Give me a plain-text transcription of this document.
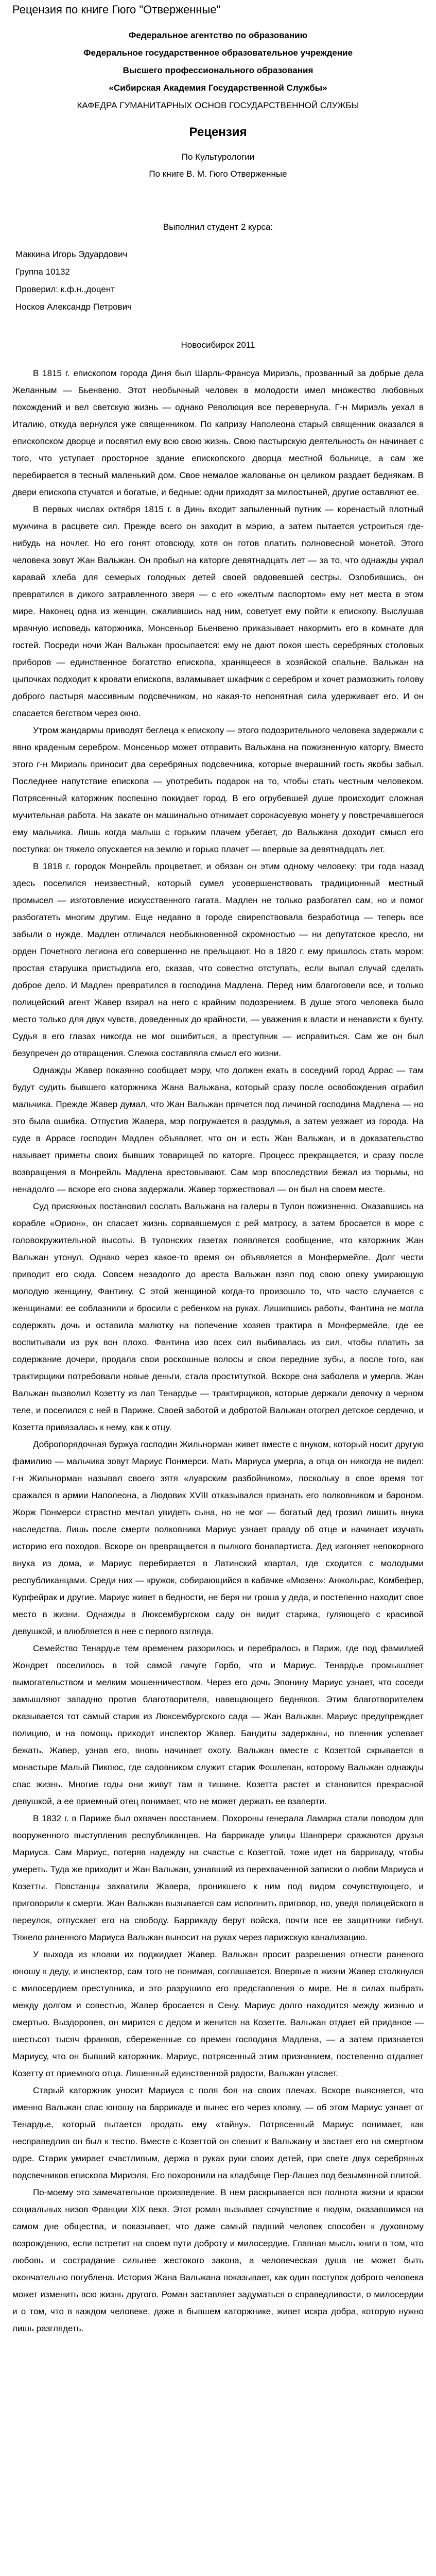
Рецензия по книге Гюго "Отверженные"

Федеральное агентство по образованию

Федеральное государственное образовательное учреждение

Высшего профессионального образования

«Сибирская Академия Государственной Службы»

КАФЕДРА ГУМАНИТАРНЫХ ОСНОВ ГОСУДАРСТВЕННОЙ СЛУЖБЫ

Рецензия

По Культурологии

По книге В. М. Гюго Отверженные

Выполнил студент 2 курса:

Маккина Игорь Эдуардович

Группа 10132

Проверил: к.ф.н.,доцент

Носков Александр Петрович

Новосибирск 2011

В 1815 г. епископом города Диня был Шарль-Франсуа Мириэль, прозванный за добрые дела Желанным — Бьенвеню. Этот необычный человек в молодости имел множество любовных похождений и вел светскую жизнь — однако Революция все перевернула. Г-н Мириэль уехал в Италию, откуда вернулся уже священником. По капризу Наполеона старый священник оказался в епископском дворце и посвятил ему всю свою жизнь. Свою пастырскую деятельность он начинает с того, что уступает просторное здание епископского дворца местной больнице, а сам же перебирается в тесный маленький дом. Свое немалое жалованье он целиком раздает беднякам. В двери епископа стучатся и богатые, и бедные: одни приходят за милостыней, другие оставляют ее.

В первых числах октября 1815 г. в Динь входит запыленный путник — коренастый плотный мужчина в расцвете сил. Прежде всего он заходит в мэрию, а затем пытается устроиться где-нибудь на ночлег. Но его гонят отовсюду, хотя он готов платить полновесной монетой. Этого человека зовут Жан Вальжан. Он пробыл на каторге девятнадцать лет — за то, что однажды украл каравай хлеба для семерых голодных детей своей овдовевшей сестры. Озлобившись, он превратился в дикого затравленного зверя — с его «желтым паспортом» ему нет места в этом мире. Наконец одна из женщин, сжалившись над ним, советует ему пойти к епископу. Выслушав мрачную исповедь каторжника, Монсеньор Бьенвеню приказывает накормить его в комнате для гостей. Посреди ночи Жан Вальжан просыпается: ему не дают покоя шесть серебряных столовых приборов — единственное богатство епископа, хранящееся в хозяйской спальне. Вальжан на цыпочках подходит к кровати епископа, взламывает шкафчик с серебром и хочет размозжить голову доброго пастыря массивным подсвечником, но какая-то непонятная сила удерживает его. И он спасается бегством через окно.

Утром жандармы приводят беглеца к епископу — этого подозрительного человека задержали с явно краденым серебром. Монсеньор может отправить Вальжана на пожизненную каторгу. Вместо этого г-н Мириэль приносит два серебряных подсвечника, которые вчерашний гость якобы забыл. Последнее напутствие епископа — употребить подарок на то, чтобы стать честным человеком. Потрясенный каторжник поспешно покидает город. В его огрубевшей душе происходит сложная мучительная работа. На закате он машинально отнимает сорокасуевую монету у повстречавшегося ему мальчика. Лишь когда малыш с горьким плачем убегает, до Вальжана доходит смысл его поступка: он тяжело опускается на землю и горько плачет — впервые за девятнадцать лет.

В 1818 г. городок Монрейль процветает, и обязан он этим одному человеку: три года назад здесь поселился неизвестный, который сумел усовершенствовать традиционный местный промысел — изготовление искусственного гагата. Мадлен не только разбогател сам, но и помог разбогатеть многим другим. Еще недавно в городе свирепствовала безработица — теперь все забыли о нужде. Мадлен отличался необыкновенной скромностью — ни депутатское кресло, ни орден Почетного легиона его совершенно не прельщают. Но в 1820 г. ему пришлось стать мэром: простая старушка пристыдила его, сказав, что совестно отступать, если выпал случай сделать доброе дело. И Мадлен превратился в господина Мадлена. Перед ним благоговели все, и только полицейский агент Жавер взирал на него с крайним подозрением. В душе этого человека было место только для двух чувств, доведенных до крайности, — уважения к власти и ненависти к бунту. Судья в его глазах никогда не мог ошибиться, а преступник — исправиться. Сам же он был безупречен до отвращения. Слежка составляла смысл его жизни.

Однажды Жавер покаянно сообщает мэру, что должен ехать в соседний город Аррас — там будут судить бывшего каторжника Жана Вальжана, который сразу после освобождения ограбил мальчика. Прежде Жавер думал, что Жан Вальжан прячется под личиной господина Мадлена — но это была ошибка. Отпустив Жавера, мэр погружается в раздумья, а затем уезжает из города. На суде в Аррасе господин Мадлен объявляет, что он и есть Жан Вальжан, и в доказательство называет приметы своих бывших товарищей по каторге. Процесс прекращается, и сразу после возвращения в Монрейль Мадлена арестовывают. Сам мэр впоследствии бежал из тюрьмы, но ненадолго — вскоре его снова задержали. Жавер торжествовал — он был на своем месте.

Суд присяжных постановил сослать Вальжана на галеры в Тулон пожизненно. Оказавшись на корабле «Орион», он спасает жизнь сорвавшемуся с рей матросу, а затем бросается в море с головокружительной высоты. В тулонских газетах появляется сообщение, что каторжник Жан Вальжан утонул. Однако через какое-то время он объявляется в Монфермейле. Долг чести приводит его сюда. Совсем незадолго до ареста Вальжан взял под свою опеку умирающую молодую женщину, Фантину. С этой женщиной когда-то произошло то, что часто случается с женщинами: ее соблазнили и бросили с ребенком на руках. Лишившись работы, Фантина не могла содержать дочь и оставила малютку на попечение хозяев трактира в Монфермейле, где ее воспитывали из рук вон плохо. Фантина изо всех сил выбивалась из сил, чтобы платить за содержание дочери, продала свои роскошные волосы и свои передние зубы, а после того, как трактирщики потребовали новые деньги, стала проституткой. Вскоре она заболела и умерла. Жан Вальжан вызволил Козетту из лап Тенардье — трактирщиков, которые держали девочку в черном теле, и поселился с ней в Париже. Своей заботой и добротой Вальжан отогрел детское сердечко, и Козетта привязалась к нему, как к отцу.

Добропорядочная буржуа господин Жильнорман живет вместе с внуком, который носит другую фамилию — мальчика зовут Мариус Понмерси. Мать Мариуса умерла, а отца он никогда не видел: г-н Жильнорман называл своего зятя «луарским разбойником», поскольку в свое время тот сражался в армии Наполеона, а Людовик XVIII отказывался признать его полковником и бароном. Жорж Понмерси страстно мечтал увидеть сына, но не мог — богатый дед грозил лишить внука наследства. Лишь после смерти полковника Мариус узнает правду об отце и начинает изучать историю его походов. Вскоре он превращается в пылкого бонапартиста. Дед изгоняет непокорного внука из дома, и Мариус перебирается в Латинский квартал, где сходится с молодыми республиканцами. Среди них — кружок, собирающийся в кабачке «Мюзен»: Анжольрас, Комбефер, Курфейрак и другие. Мариус живет в бедности, не беря ни гроша у деда, и постепенно находит свое место в жизни. Однажды в Люксембургском саду он видит старика, гуляющего с красивой девушкой, и влюбляется в нее с первого взгляда.

Семейство Тенардье тем временем разорилось и перебралось в Париж, где под фамилией Жондрет поселилось в той самой лачуге Горбо, что и Мариус. Тенардье промышляет вымогательством и мелким мошенничеством. Через его дочь Эпонину Мариус узнает, что соседи замышляют западню против благотворителя, навещающего бедняков. Этим благотворителем оказывается тот самый старик из Люксембургского сада — Жан Вальжан. Мариус предупреждает полицию, и на помощь приходит инспектор Жавер. Бандиты задержаны, но пленник успевает бежать. Жавер, узнав его, вновь начинает охоту. Вальжан вместе с Козеттой скрывается в монастыре Малый Пикпюс, где садовником служит старик Фошлеван, которому Вальжан однажды спас жизнь. Многие годы они живут там в тишине. Козетта растет и становится прекрасной девушкой, а ее приемный отец понимает, что не может держать ее взаперти.

В 1832 г. в Париже был охвачен восстанием. Похороны генерала Ламарка стали поводом для вооруженного выступления республиканцев. На баррикаде улицы Шанврери сражаются друзья Мариуса. Сам Мариус, потеряв надежду на счастье с Козеттой, тоже идет на баррикаду, чтобы умереть. Туда же приходит и Жан Вальжан, узнавший из перехваченной записки о любви Мариуса и Козетты. Повстанцы захватили Жавера, проникшего к ним под видом сочувствующего, и приговорили к смерти. Жан Вальжан вызывается сам исполнить приговор, но, уведя полицейского в переулок, отпускает его на свободу. Баррикаду берут войска, почти все ее защитники гибнут. Тяжело раненного Мариуса Вальжан выносит на руках через парижскую канализацию.

У выхода из клоаки их поджидает Жавер. Вальжан просит разрешения отнести раненого юношу к деду, и инспектор, сам того не понимая, соглашается. Впервые в жизни Жавер столкнулся с милосердием преступника, и это разрушило его представления о мире. Не в силах выбрать между долгом и совестью, Жавер бросается в Сену. Мариус долго находится между жизнью и смертью. Выздоровев, он мирится с дедом и женится на Козетте. Вальжан отдает ей приданое — шестьсот тысяч франков, сбереженные со времен господина Мадлена, — а затем признается Мариусу, что он бывший каторжник. Мариус, потрясенный этим признанием, постепенно отдаляет Козетту от приемного отца. Лишенный единственной радости, Вальжан угасает.

Старый каторжник уносит Мариуса с поля боя на своих плечах. Вскоре выясняется, что именно Вальжан спас юношу на баррикаде и вынес его через клоаку, — об этом Мариус узнает от Тенардье, который пытается продать ему «тайну». Потрясенный Мариус понимает, как несправедлив он был к тестю. Вместе с Козеттой он спешит к Вальжану и застает его на смертном одре. Старик умирает счастливым, держа в руках руки своих детей, при свете двух серебряных подсвечников епископа Мириэля. Его похоронили на кладбище Пер-Лашез под безымянной плитой.

По-моему это замечательное произведение. В нем раскрывается вся полнота жизни и краски социальных низов Франции XIX века. Этот роман вызывает сочувствие к людям, оказавшимся на самом дне общества, и показывает, что даже самый падший человек способен к духовному возрождению, если встретит на своем пути доброту и милосердие. Главная мысль книги в том, что любовь и сострадание сильнее жестокого закона, а человеческая душа не может быть окончательно погублена. История Жана Вальжана показывает, как один поступок доброго человека может изменить всю жизнь другого. Роман заставляет задуматься о справедливости, о милосердии и о том, что в каждом человеке, даже в бывшем каторжнике, живет искра добра, которую нужно лишь разглядеть.
